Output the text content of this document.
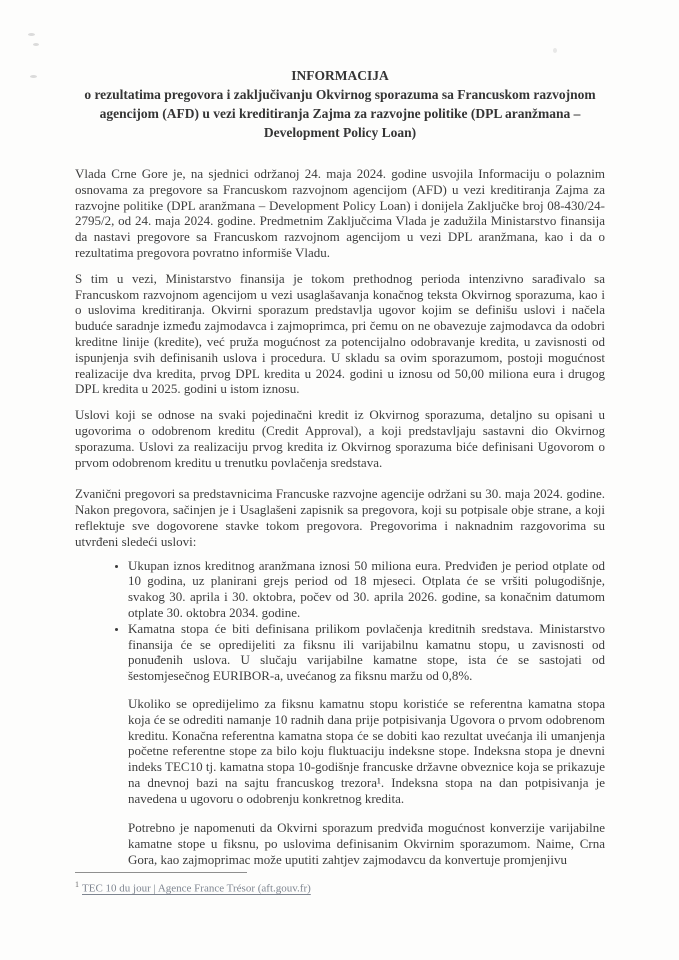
INFORMACIJA
o rezultatima pregovora i zaključivanju Okvirnog sporazuma sa Francuskom razvojnom agencijom (AFD) u vezi kreditiranja Zajma za razvojne politike (DPL aranžmana – Development Policy Loan)

Vlada Crne Gore je, na sjednici održanoj 24. maja 2024. godine usvojila Informaciju o polaznim osnovama za pregovore sa Francuskom razvojnom agencijom (AFD) u vezi kreditiranja Zajma za razvojne politike (DPL aranžmana – Development Policy Loan) i donijela Zaključke broj 08-430/24-2795/2, od 24. maja 2024. godine. Predmetnim Zaključcima Vlada je zadužila Ministarstvo finansija da nastavi pregovore sa Francuskom razvojnom agencijom u vezi DPL aranžmana, kao i da o rezultatima pregovora povratno informiše Vladu.

S tim u vezi, Ministarstvo finansija je tokom prethodnog perioda intenzivno sarađivalo sa Francuskom razvojnom agencijom u vezi usaglašavanja konačnog teksta Okvirnog sporazuma, kao i o uslovima kreditiranja. Okvirni sporazum predstavlja ugovor kojim se definišu uslovi i načela buduće saradnje između zajmodavca i zajmoprimca, pri čemu on ne obavezuje zajmodavca da odobri kreditne linije (kredite), već pruža mogućnost za potencijalno odobravanje kredita, u zavisnosti od ispunjenja svih definisanih uslova i procedura. U skladu sa ovim sporazumom, postoji mogućnost realizacije dva kredita, prvog DPL kredita u 2024. godini u iznosu od 50,00 miliona eura i drugog DPL kredita u 2025. godini u istom iznosu.

Uslovi koji se odnose na svaki pojedinačni kredit iz Okvirnog sporazuma, detaljno su opisani u ugovorima o odobrenom kreditu (Credit Approval), a koji predstavljaju sastavni dio Okvirnog sporazuma. Uslovi za realizaciju prvog kredita iz Okvirnog sporazuma biće definisani Ugovorom o prvom odobrenom kreditu u trenutku povlačenja sredstava.

Zvanični pregovori sa predstavnicima Francuske razvojne agencije održani su 30. maja 2024. godine. Nakon pregovora, sačinjen je i Usaglašeni zapisnik sa pregovora, koji su potpisale obje strane, a koji reflektuje sve dogovorene stavke tokom pregovora. Pregovorima i naknadnim razgovorima su utvrđeni sledeći uslovi:

• Ukupan iznos kreditnog aranžmana iznosi 50 miliona eura. Predviđen je period otplate od 10 godina, uz planirani grejs period od 18 mjeseci. Otplata će se vršiti polugodišnje, svakog 30. aprila i 30. oktobra, počev od 30. aprila 2026. godine, sa konačnim datumom otplate 30. oktobra 2034. godine.
• Kamatna stopa će biti definisana prilikom povlačenja kreditnih sredstava. Ministarstvo finansija će se opredijeliti za fiksnu ili varijabilnu kamatnu stopu, u zavisnosti od ponuđenih uslova. U slučaju varijabilne kamatne stope, ista će se sastojati od šestomjesečnog EURIBOR-a, uvećanog za fiksnu maržu od 0,8%.

Ukoliko se opredijelimo za fiksnu kamatnu stopu koristiće se referentna kamatna stopa koja će se odrediti namanje 10 radnih dana prije potpisivanja Ugovora o prvom odobrenom kreditu. Konačna referentna kamatna stopa će se dobiti kao rezultat uvećanja ili umanjenja početne referentne stope za bilo koju fluktuaciju indeksne stope. Indeksna stopa je dnevni indeks TEC10 tj. kamatna stopa 10-godišnje francuske državne obveznice koja se prikazuje na dnevnoj bazi na sajtu francuskog trezora¹. Indeksna stopa na dan potpisivanja je navedena u ugovoru o odobrenju konkretnog kredita.

Potrebno je napomenuti da Okvirni sporazum predviđa mogućnost konverzije varijabilne kamatne stope u fiksnu, po uslovima definisanim Okvirnim sporazumom. Naime, Crna Gora, kao zajmoprimac može uputiti zahtjev zajmodavcu da konvertuje promjenjivu

$^1$ TEC 10 du jour | Agence France Trésor (aft.gouv.fr)
